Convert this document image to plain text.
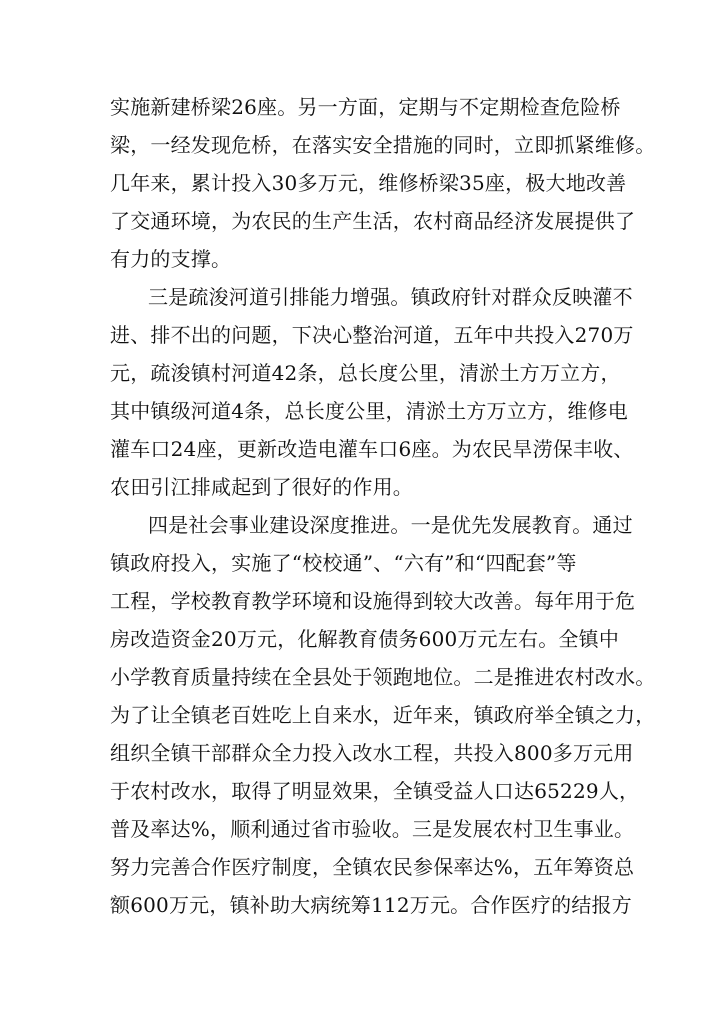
实施新建桥梁26座。另一方面，定期与不定期检查危险桥
梁，一经发现危桥，在落实安全措施的同时，立即抓紧维修。
几年来，累计投入30多万元，维修桥梁35座，极大地改善
了交通环境，为农民的生产生活，农村商品经济发展提供了
有力的支撑。
三是疏浚河道引排能力增强。镇政府针对群众反映灌不
进、排不出的问题，下决心整治河道，五年中共投入270万
元，疏浚镇村河道42条，总长度公里，清淤土方万立方，
其中镇级河道4条，总长度公里，清淤土方万立方，维修电
灌车口24座，更新改造电灌车口6座。为农民旱涝保丰收、
农田引江排咸起到了很好的作用。
四是社会事业建设深度推进。一是优先发展教育。通过
镇政府投入，实施了“校校通”、“六有”和“四配套”等
工程，学校教育教学环境和设施得到较大改善。每年用于危
房改造资金20万元，化解教育债务600万元左右。全镇中
小学教育质量持续在全县处于领跑地位。二是推进农村改水。
为了让全镇老百姓吃上自来水，近年来，镇政府举全镇之力，
组织全镇干部群众全力投入改水工程，共投入800多万元用
于农村改水，取得了明显效果，全镇受益人口达65229人，
普及率达%，顺利通过省市验收。三是发展农村卫生事业。
努力完善合作医疗制度，全镇农民参保率达%，五年筹资总
额600万元，镇补助大病统筹112万元。合作医疗的结报方
